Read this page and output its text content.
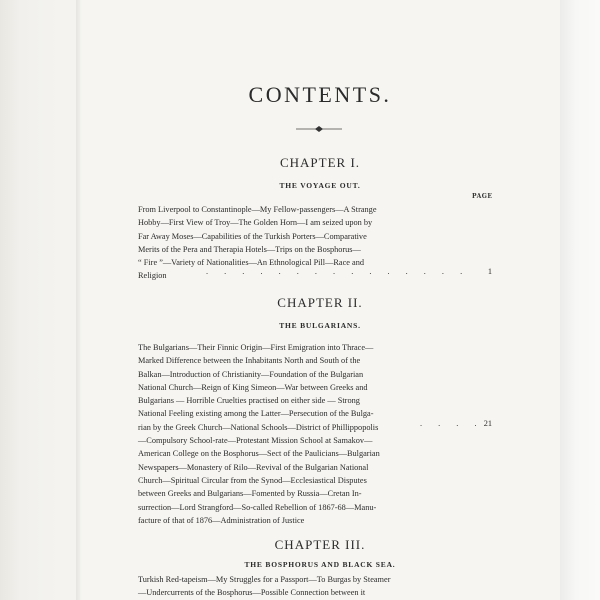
CONTENTS.
CHAPTER I.
THE VOYAGE OUT.
PAGE
From Liverpool to Constantinople—My Fellow-passengers—A Strange
Hobby—First View of Troy—The Golden Horn—I am seized upon by
Far Away Moses—Capabilities of the Turkish Porters—Comparative
Merits of the Pera and Therapia Hotels—Trips on the Bosphorus—
“ Fire ”—Variety of Nationalities—An Ethnological Pill—Race and
Religion	. . . . . . . . . . . . . . .	1
CHAPTER II.
THE BULGARIANS.
The Bulgarians—Their Finnic Origin—First Emigration into Thrace—
Marked Difference between the Inhabitants North and South of the
Balkan—Introduction of Christianity—Foundation of the Bulgarian
National Church—Reign of King Simeon—War between Greeks and
Bulgarians — Horrible Cruelties practised on either side — Strong
National Feeling existing among the Latter—Persecution of the Bulga-
rian by the Greek Church—National Schools—District of Phillippopolis
—Compulsory School-rate—Protestant Mission School at Samakov—
American College on the Bosphorus—Sect of the Paulicians—Bulgarian
Newspapers—Monastery of Rilo—Revival of the Bulgarian National
Church—Spiritual Circular from the Synod—Ecclesiastical Disputes
between Greeks and Bulgarians—Fomented by Russia—Cretan In-
surrection—Lord Strangford—So-called Rebellion of 1867-68—Manu-
facture of that of 1876—Administration of Justice
. . . . 21
CHAPTER III.
THE BOSPHORUS AND BLACK SEA.
Turkish Red-tapeism—My Struggles for a Passport—To Burgas by Steamer
—Undercurrents of the Bosphorus—Possible Connection between it
